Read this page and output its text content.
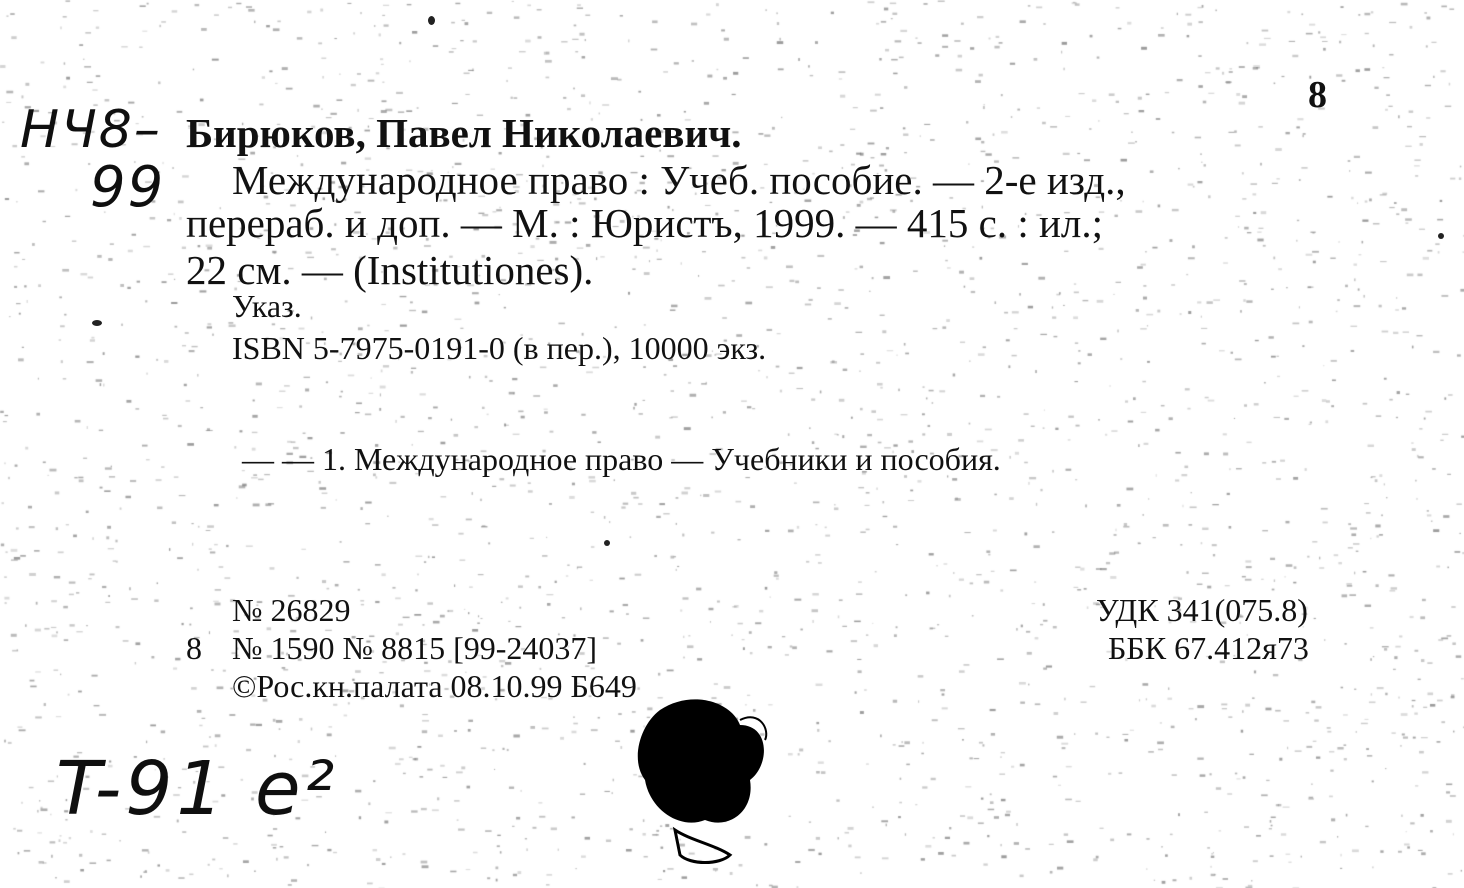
8
НЧ8–
99
Бирюков, Павел Николаевич.
Международное право : Учеб. пособие. — 2-е изд.,
перераб. и доп. — М. : Юристъ, 1999. — 415 с. : ил.;
22 см. — (Institutiones).
Указ.
ISBN 5-7975-0191-0 (в пер.), 10000 экз.
— — 1. Международное право — Учебники и пособия.
№ 26829
8 № 1590 № 8815 [99-24037]
©Рос.кн.палата 08.10.99 Б649
УДК 341(075.8)
ББК 67.412я73
T-91 e²
